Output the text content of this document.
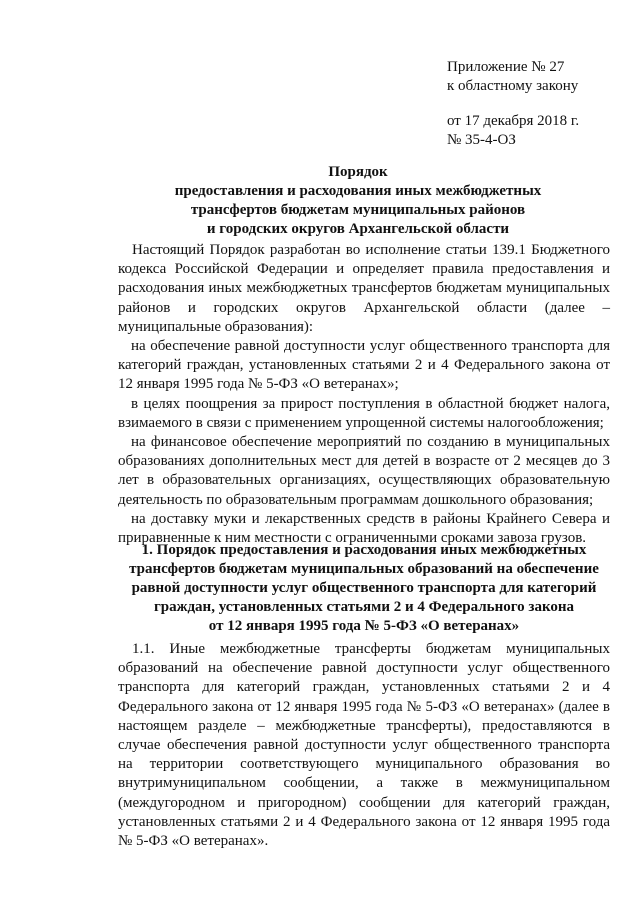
Приложение № 27
к областному закону
от 17 декабря 2018 г.
№ 35-4-ОЗ
Порядок
предоставления и расходования иных межбюджетных
трансфертов бюджетам муниципальных районов
и городских округов Архангельской области

Настоящий Порядок разработан во исполнение статьи 139.1 Бюджетного кодекса Российской Федерации и определяет правила предоставления и расходования иных межбюджетных трансфертов бюджетам муниципальных районов и городских округов Архангельской области (далее – муниципальные образования):

на обеспечение равной доступности услуг общественного транспорта для категорий граждан, установленных статьями 2 и 4 Федерального закона от 12 января 1995 года № 5-ФЗ «О ветеранах»;

в целях поощрения за прирост поступления в областной бюджет налога, взимаемого в связи с применением упрощенной системы налогообложения;

на финансовое обеспечение мероприятий по созданию в муниципальных образованиях дополнительных мест для детей в возрасте от 2 месяцев до 3 лет в образовательных организациях, осуществляющих образовательную деятельность по образовательным программам дошкольного образования;

на доставку муки и лекарственных средств в районы Крайнего Севера и приравненные к ним местности с ограниченными сроками завоза грузов.

1. Порядок предоставления и расходования иных межбюджетных
трансфертов бюджетам муниципальных образований на обеспечение
равной доступности услуг общественного транспорта для категорий
граждан, установленных статьями 2 и 4 Федерального закона
от 12 января 1995 года № 5-ФЗ «О ветеранах»

1.1. Иные межбюджетные трансферты бюджетам муниципальных образований на обеспечение равной доступности услуг общественного транспорта для категорий граждан, установленных статьями 2 и 4 Федерального закона от 12 января 1995 года № 5-ФЗ «О ветеранах» (далее в настоящем разделе – межбюджетные трансферты), предоставляются в случае обеспечения равной доступности услуг общественного транспорта на территории соответствующего муниципального образования во внутримуниципальном сообщении, а также в межмуниципальном (междугородном и пригородном) сообщении для категорий граждан, установленных статьями 2 и 4 Федерального закона от 12 января 1995 года № 5-ФЗ «О ветеранах».
